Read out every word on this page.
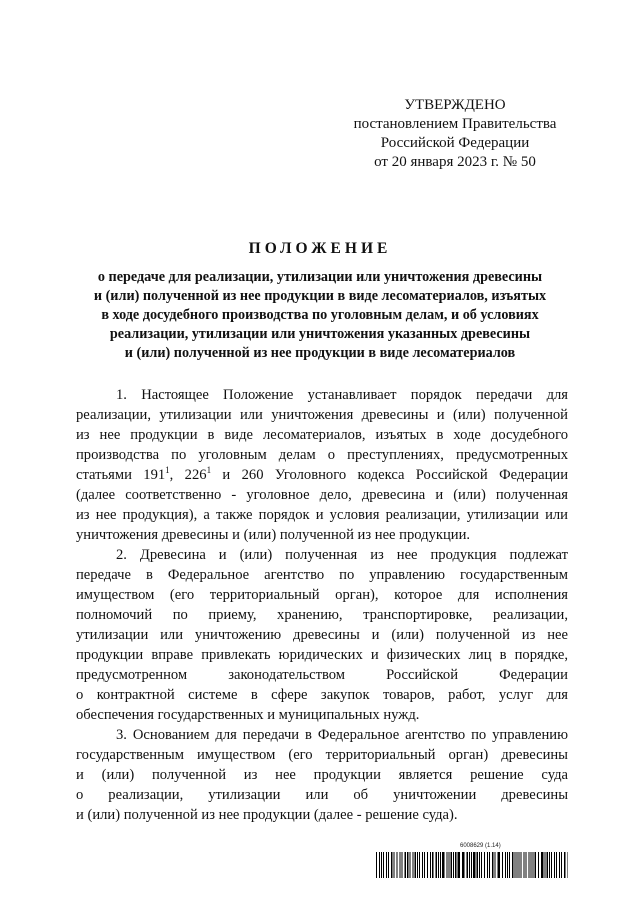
УТВЕРЖДЕНО
постановлением Правительства
Российской Федерации
от 20 января 2023 г. № 50
ПОЛОЖЕНИЕ
о передаче для реализации, утилизации или уничтожения древесины
и (или) полученной из нее продукции в виде лесоматериалов, изъятых
в ходе досудебного производства по уголовным делам, и об условиях
реализации, утилизации или уничтожения указанных древесины
и (или) полученной из нее продукции в виде лесоматериалов
1. Настоящее Положение устанавливает порядок передачи для
реализации, утилизации или уничтожения древесины и (или) полученной
из нее продукции в виде лесоматериалов, изъятых в ходе досудебного
производства по уголовным делам о преступлениях, предусмотренных
статьями $191^1$, $226^1$ и 260 Уголовного кодекса Российской Федерации
(далее соответственно - уголовное дело, древесина и (или) полученная
из нее продукция), а также порядок и условия реализации, утилизации или
уничтожения древесины и (или) полученной из нее продукции.
2. Древесина и (или) полученная из нее продукция подлежат
передаче в Федеральное агентство по управлению государственным
имуществом (его территориальный орган), которое для исполнения
полномочий по приему, хранению, транспортировке, реализации,
утилизации или уничтожению древесины и (или) полученной из нее
продукции вправе привлекать юридических и физических лиц в порядке,
предусмотренном законодательством Российской Федерации
о контрактной системе в сфере закупок товаров, работ, услуг для
обеспечения государственных и муниципальных нужд.
3. Основанием для передачи в Федеральное агентство по управлению
государственным имуществом (его территориальный орган) древесины
и (или) полученной из нее продукции является решение суда
о реализации, утилизации или об уничтожении древесины
и (или) полученной из нее продукции (далее - решение суда).
6008629 (1.14)
